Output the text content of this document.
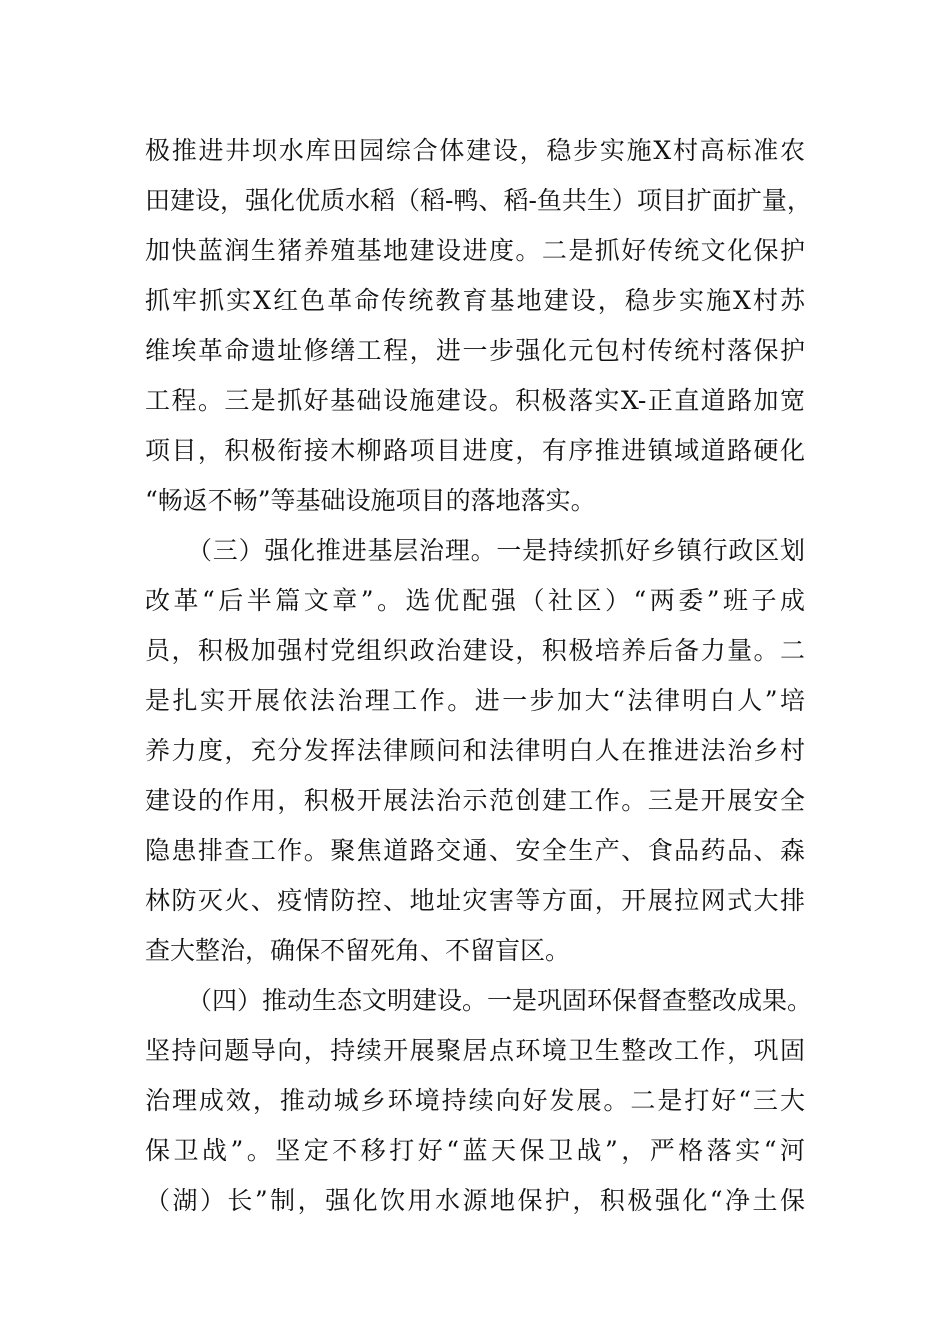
极推进井坝水库田园综合体建设，稳步实施X村高标准农
田建设，强化优质水稻（稻-鸭、稻-鱼共生）项目扩面扩量，
加快蓝润生猪养殖基地建设进度。二是抓好传统文化保护
抓牢抓实X红色革命传统教育基地建设，稳步实施X村苏
维埃革命遗址修缮工程，进一步强化元包村传统村落保护
工程。三是抓好基础设施建设。积极落实X-正直道路加宽
项目，积极衔接木柳路项目进度，有序推进镇域道路硬化
“畅返不畅”等基础设施项目的落地落实。
（三）强化推进基层治理。一是持续抓好乡镇行政区划
改革“后半篇文章”。选优配强（社区）“两委”班子成
员，积极加强村党组织政治建设，积极培养后备力量。二
是扎实开展依法治理工作。进一步加大“法律明白人”培
养力度，充分发挥法律顾问和法律明白人在推进法治乡村
建设的作用，积极开展法治示范创建工作。三是开展安全
隐患排查工作。聚焦道路交通、安全生产、食品药品、森
林防灭火、疫情防控、地址灾害等方面，开展拉网式大排
查大整治，确保不留死角、不留盲区。
（四）推动生态文明建设。一是巩固环保督查整改成果。
坚持问题导向，持续开展聚居点环境卫生整改工作，巩固
治理成效，推动城乡环境持续向好发展。二是打好“三大
保卫战”。坚定不移打好“蓝天保卫战”，严格落实“河
（湖）长”制，强化饮用水源地保护，积极强化“净土保
